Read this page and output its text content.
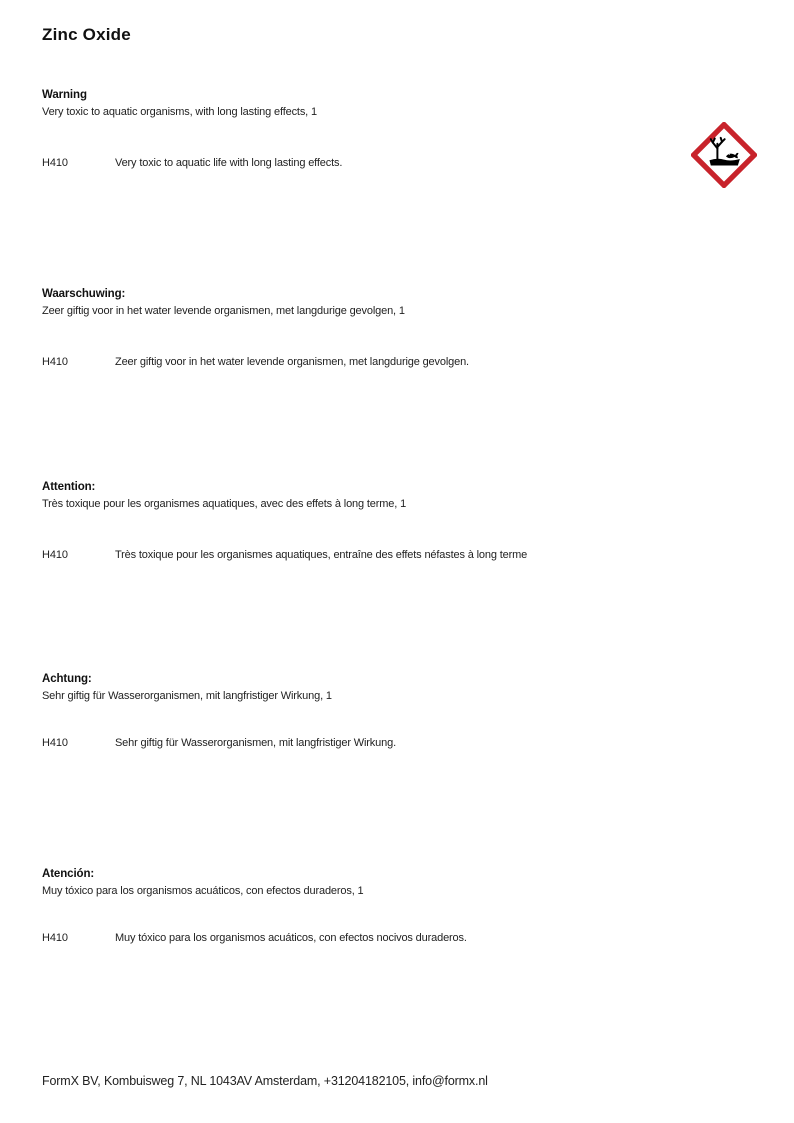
Zinc Oxide
Warning
Very toxic to aquatic organisms, with long lasting effects, 1
H410	Very toxic to aquatic life with long lasting effects.
Waarschuwing:
Zeer giftig voor in het water levende organismen, met langdurige gevolgen, 1
H410	Zeer giftig voor in het water levende organismen, met langdurige gevolgen.
Attention:
Très toxique pour les organismes aquatiques, avec des effets à long terme, 1
H410	Très toxique pour les organismes aquatiques, entraîne des effets néfastes à long terme
Achtung:
Sehr giftig für Wasserorganismen, mit langfristiger Wirkung, 1
H410	Sehr giftig für Wasserorganismen, mit langfristiger Wirkung.
Atención:
Muy tóxico para los organismos acuáticos, con efectos duraderos, 1
H410	Muy tóxico para los organismos acuáticos, con efectos nocivos duraderos.
FormX BV, Kombuisweg 7, NL 1043AV Amsterdam, +31204182105, info@formx.nl
